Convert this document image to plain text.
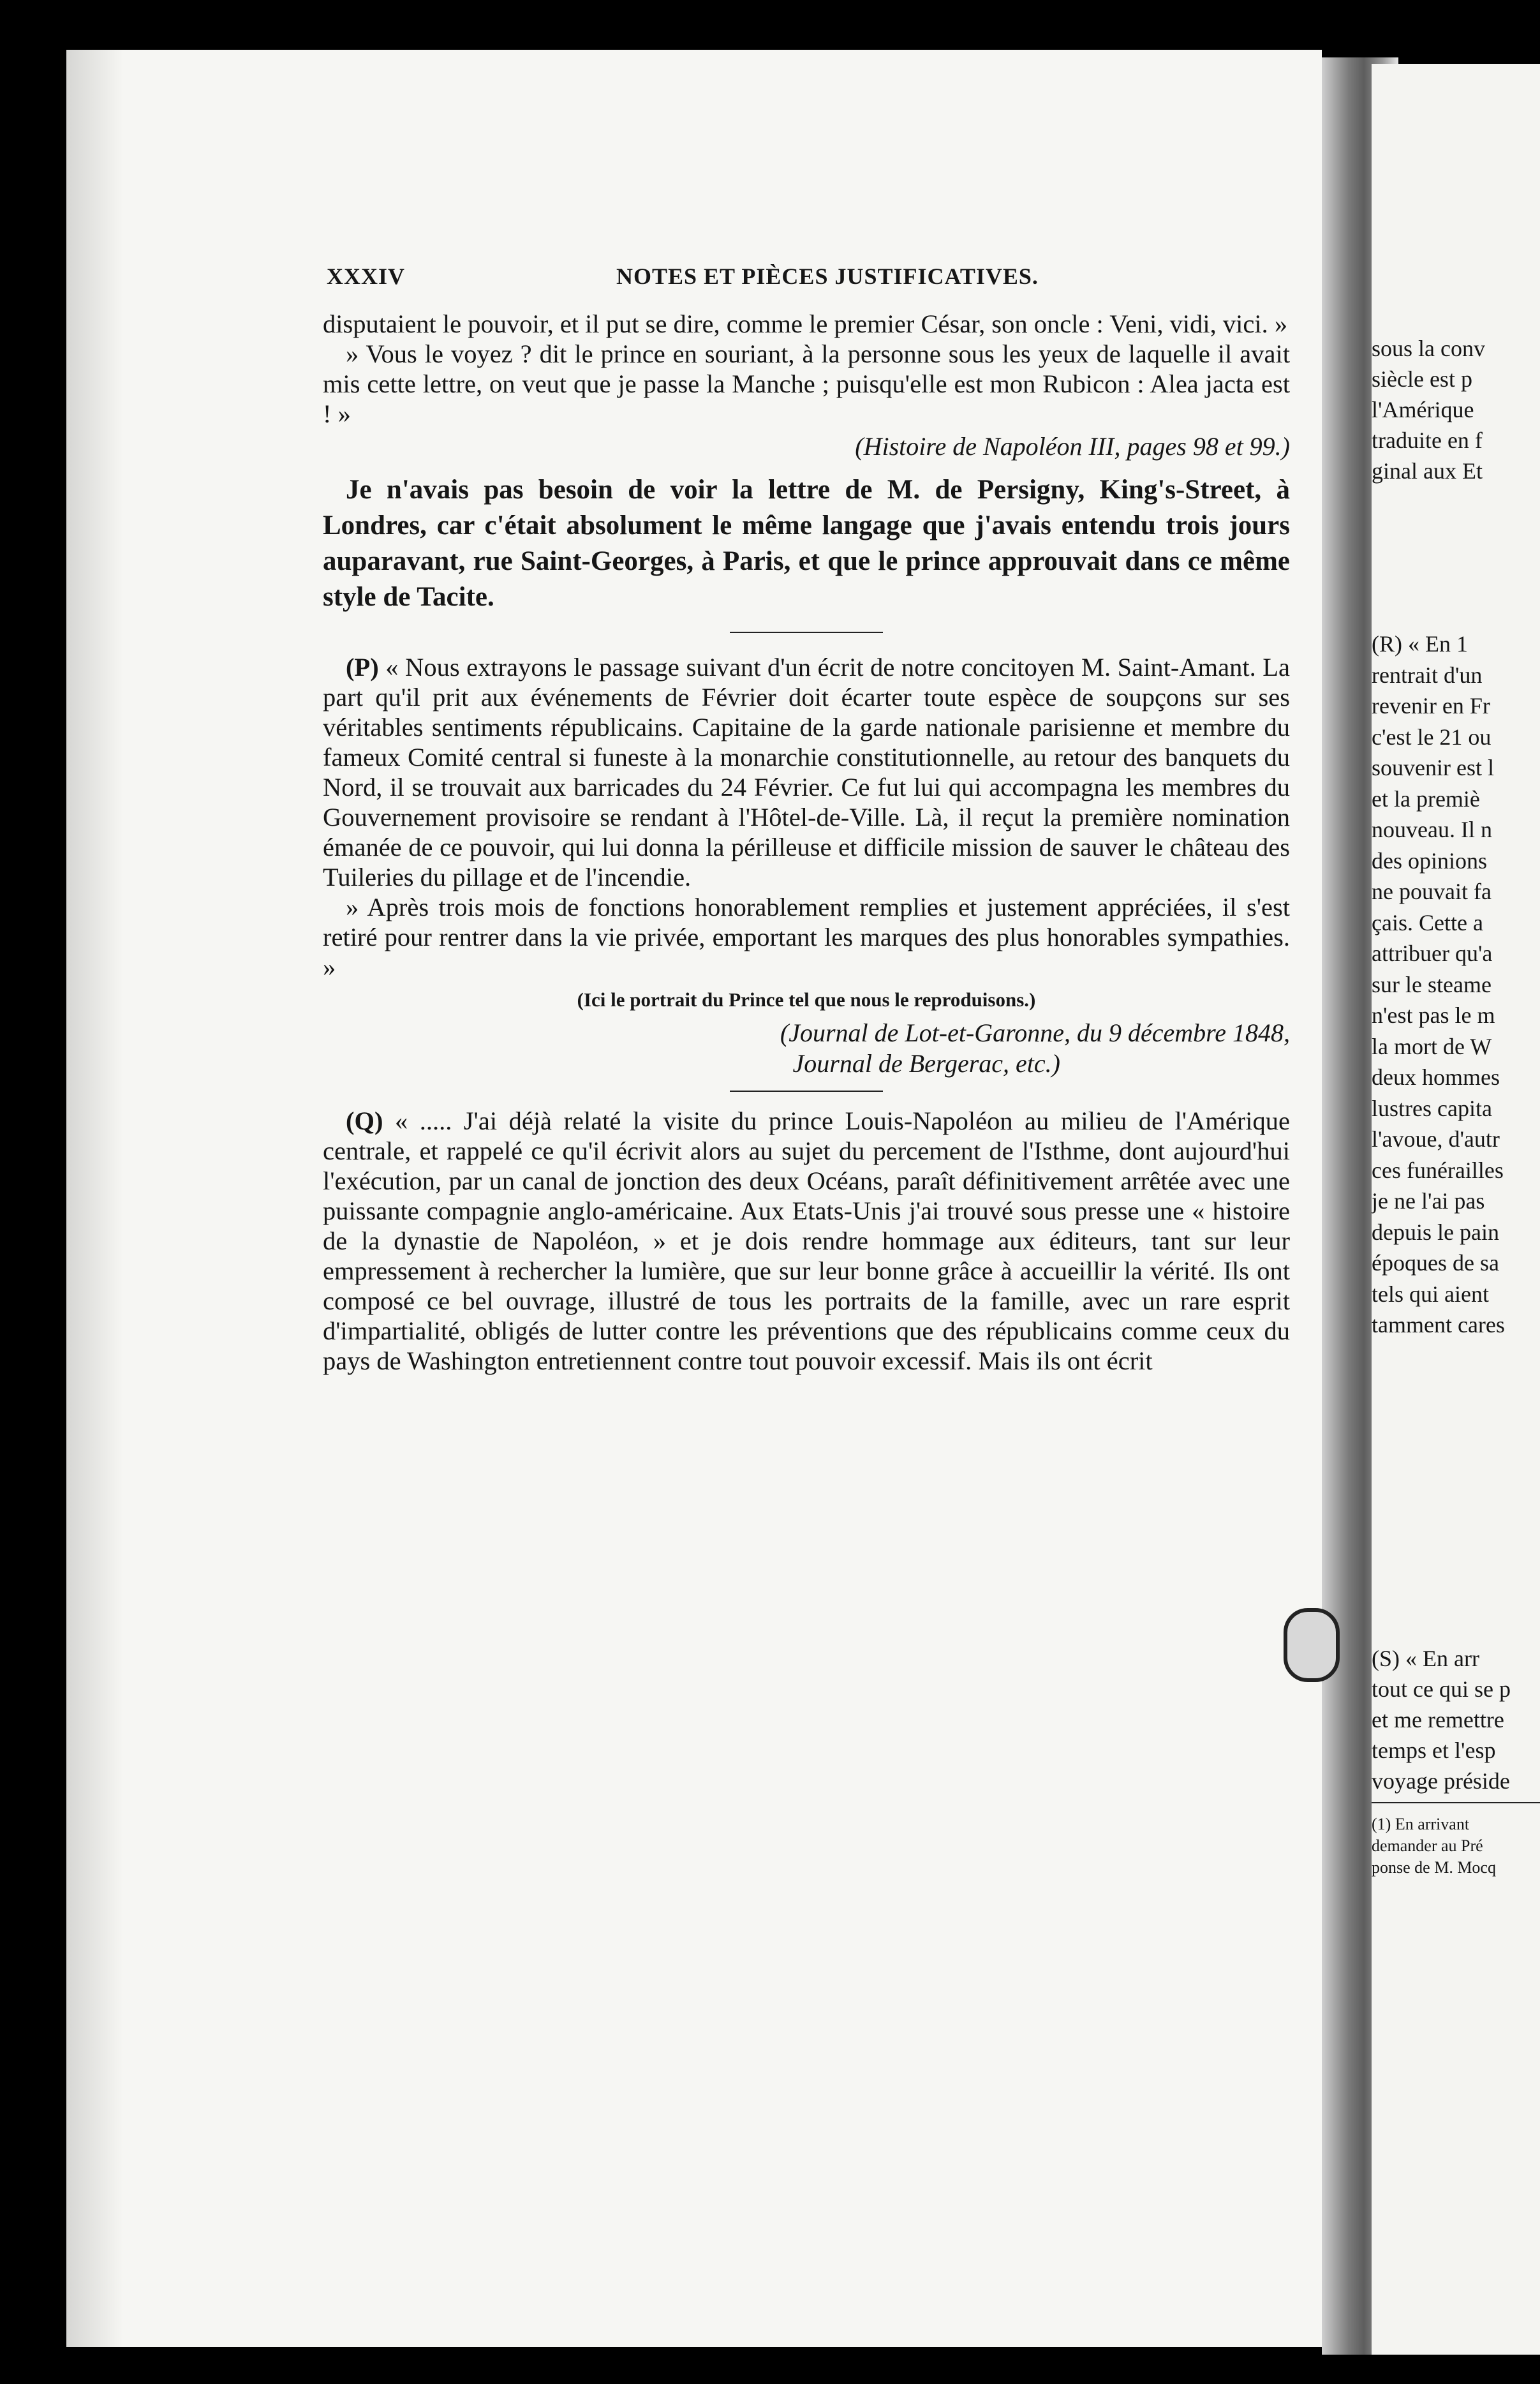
sous la conv
siècle est p
l'Amérique
traduite en f
ginal aux Et
(R) « En 1
rentrait d'un
revenir en Fr
c'est le 21 ou
souvenir est l
et la premiè
nouveau. Il n
des opinions
ne pouvait fa
çais. Cette a
attribuer qu'a
sur le steame
n'est pas le m
la mort de W
deux hommes
lustres capita
l'avoue, d'autr
ces funérailles
je ne l'ai pas
depuis le pain
époques de sa
tels qui aient
tamment cares
(S) « En arr
tout ce qui se p
et me remettre
temps et l'esp
voyage préside
(1) En arrivant
demander au Pré
ponse de M. Mocq
XXXIV	NOTES ET PIÈCES JUSTIFICATIVES.

disputaient le pouvoir, et il put se dire, comme le premier César, son oncle : Veni, vidi, vici. »

» Vous le voyez ? dit le prince en souriant, à la personne sous les yeux de laquelle il avait mis cette lettre, on veut que je passe la Manche ; puisqu'elle est mon Rubicon : Alea jacta est ! »

(Histoire de Napoléon III, pages 98 et 99.)

Je n'avais pas besoin de voir la lettre de M. de Persigny, King's-Street, à Londres, car c'était absolument le même langage que j'avais entendu trois jours auparavant, rue Saint-Georges, à Paris, et que le prince approuvait dans ce même style de Tacite.

(P) « Nous extrayons le passage suivant d'un écrit de notre concitoyen M. Saint-Amant. La part qu'il prit aux événements de Février doit écarter toute espèce de soupçons sur ses véritables sentiments républicains. Capitaine de la garde nationale parisienne et membre du fameux Comité central si funeste à la monarchie constitutionnelle, au retour des banquets du Nord, il se trouvait aux barricades du 24 Février. Ce fut lui qui accompagna les membres du Gouvernement provisoire se rendant à l'Hôtel-de-Ville. Là, il reçut la première nomination émanée de ce pouvoir, qui lui donna la périlleuse et difficile mission de sauver le château des Tuileries du pillage et de l'incendie.

» Après trois mois de fonctions honorablement remplies et justement appréciées, il s'est retiré pour rentrer dans la vie privée, emportant les marques des plus honorables sympathies. »

(Ici le portrait du Prince tel que nous le reproduisons.)

(Journal de Lot-et-Garonne, du 9 décembre 1848,

Journal de Bergerac, etc.)

(Q) « ..... J'ai déjà relaté la visite du prince Louis-Napoléon au milieu de l'Amérique centrale, et rappelé ce qu'il écrivit alors au sujet du percement de l'Isthme, dont aujourd'hui l'exécution, par un canal de jonction des deux Océans, paraît définitivement arrêtée avec une puissante compagnie anglo-américaine. Aux Etats-Unis j'ai trouvé sous presse une « histoire de la dynastie de Napoléon, » et je dois rendre hommage aux éditeurs, tant sur leur empressement à rechercher la lumière, que sur leur bonne grâce à accueillir la vérité. Ils ont composé ce bel ouvrage, illustré de tous les portraits de la famille, avec un rare esprit d'impartialité, obligés de lutter contre les préventions que des républicains comme ceux du pays de Washington entretiennent contre tout pouvoir excessif. Mais ils ont écrit
